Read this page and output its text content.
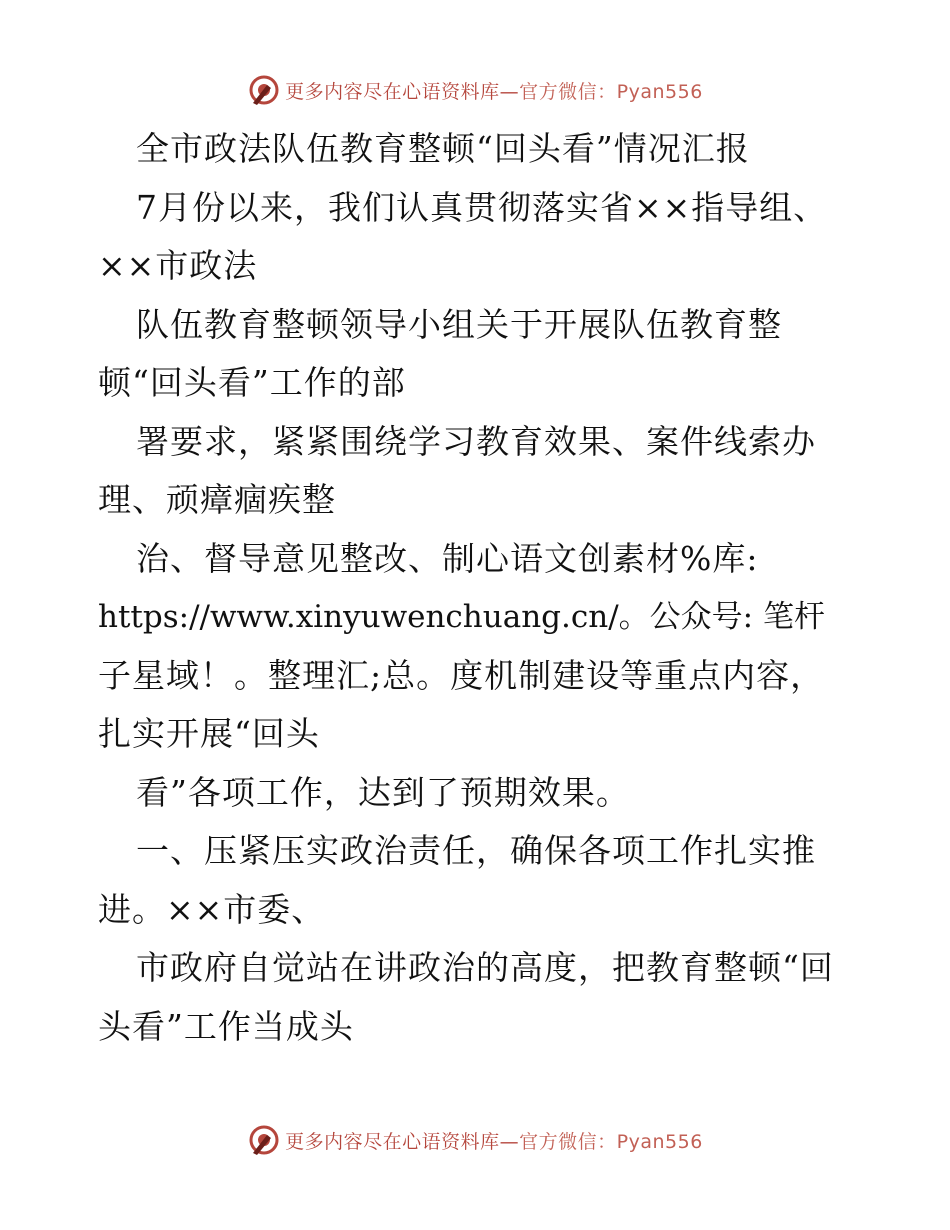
更多内容尽在心语资料库—官方微信：Pyan556
全市政法队伍教育整顿“回头看”情况汇报
7月份以来，我们认真贯彻落实省××指导组、
××市政法
队伍教育整顿领导小组关于开展队伍教育整
顿“回头看”工作的部
署要求，紧紧围绕学习教育效果、案件线索办
理、顽瘴痼疾整
治、督导意见整改、制心语文创素材%库:
https://www.xinyuwenchuang.cn/。公众号: 笔杆
子星域！。整理汇;总。度机制建设等重点内容，
扎实开展“回头
看”各项工作，达到了预期效果。
一、压紧压实政治责任，确保各项工作扎实推
进。××市委、
市政府自觉站在讲政治的高度，把教育整顿“回
头看”工作当成头
更多内容尽在心语资料库—官方微信：Pyan556
